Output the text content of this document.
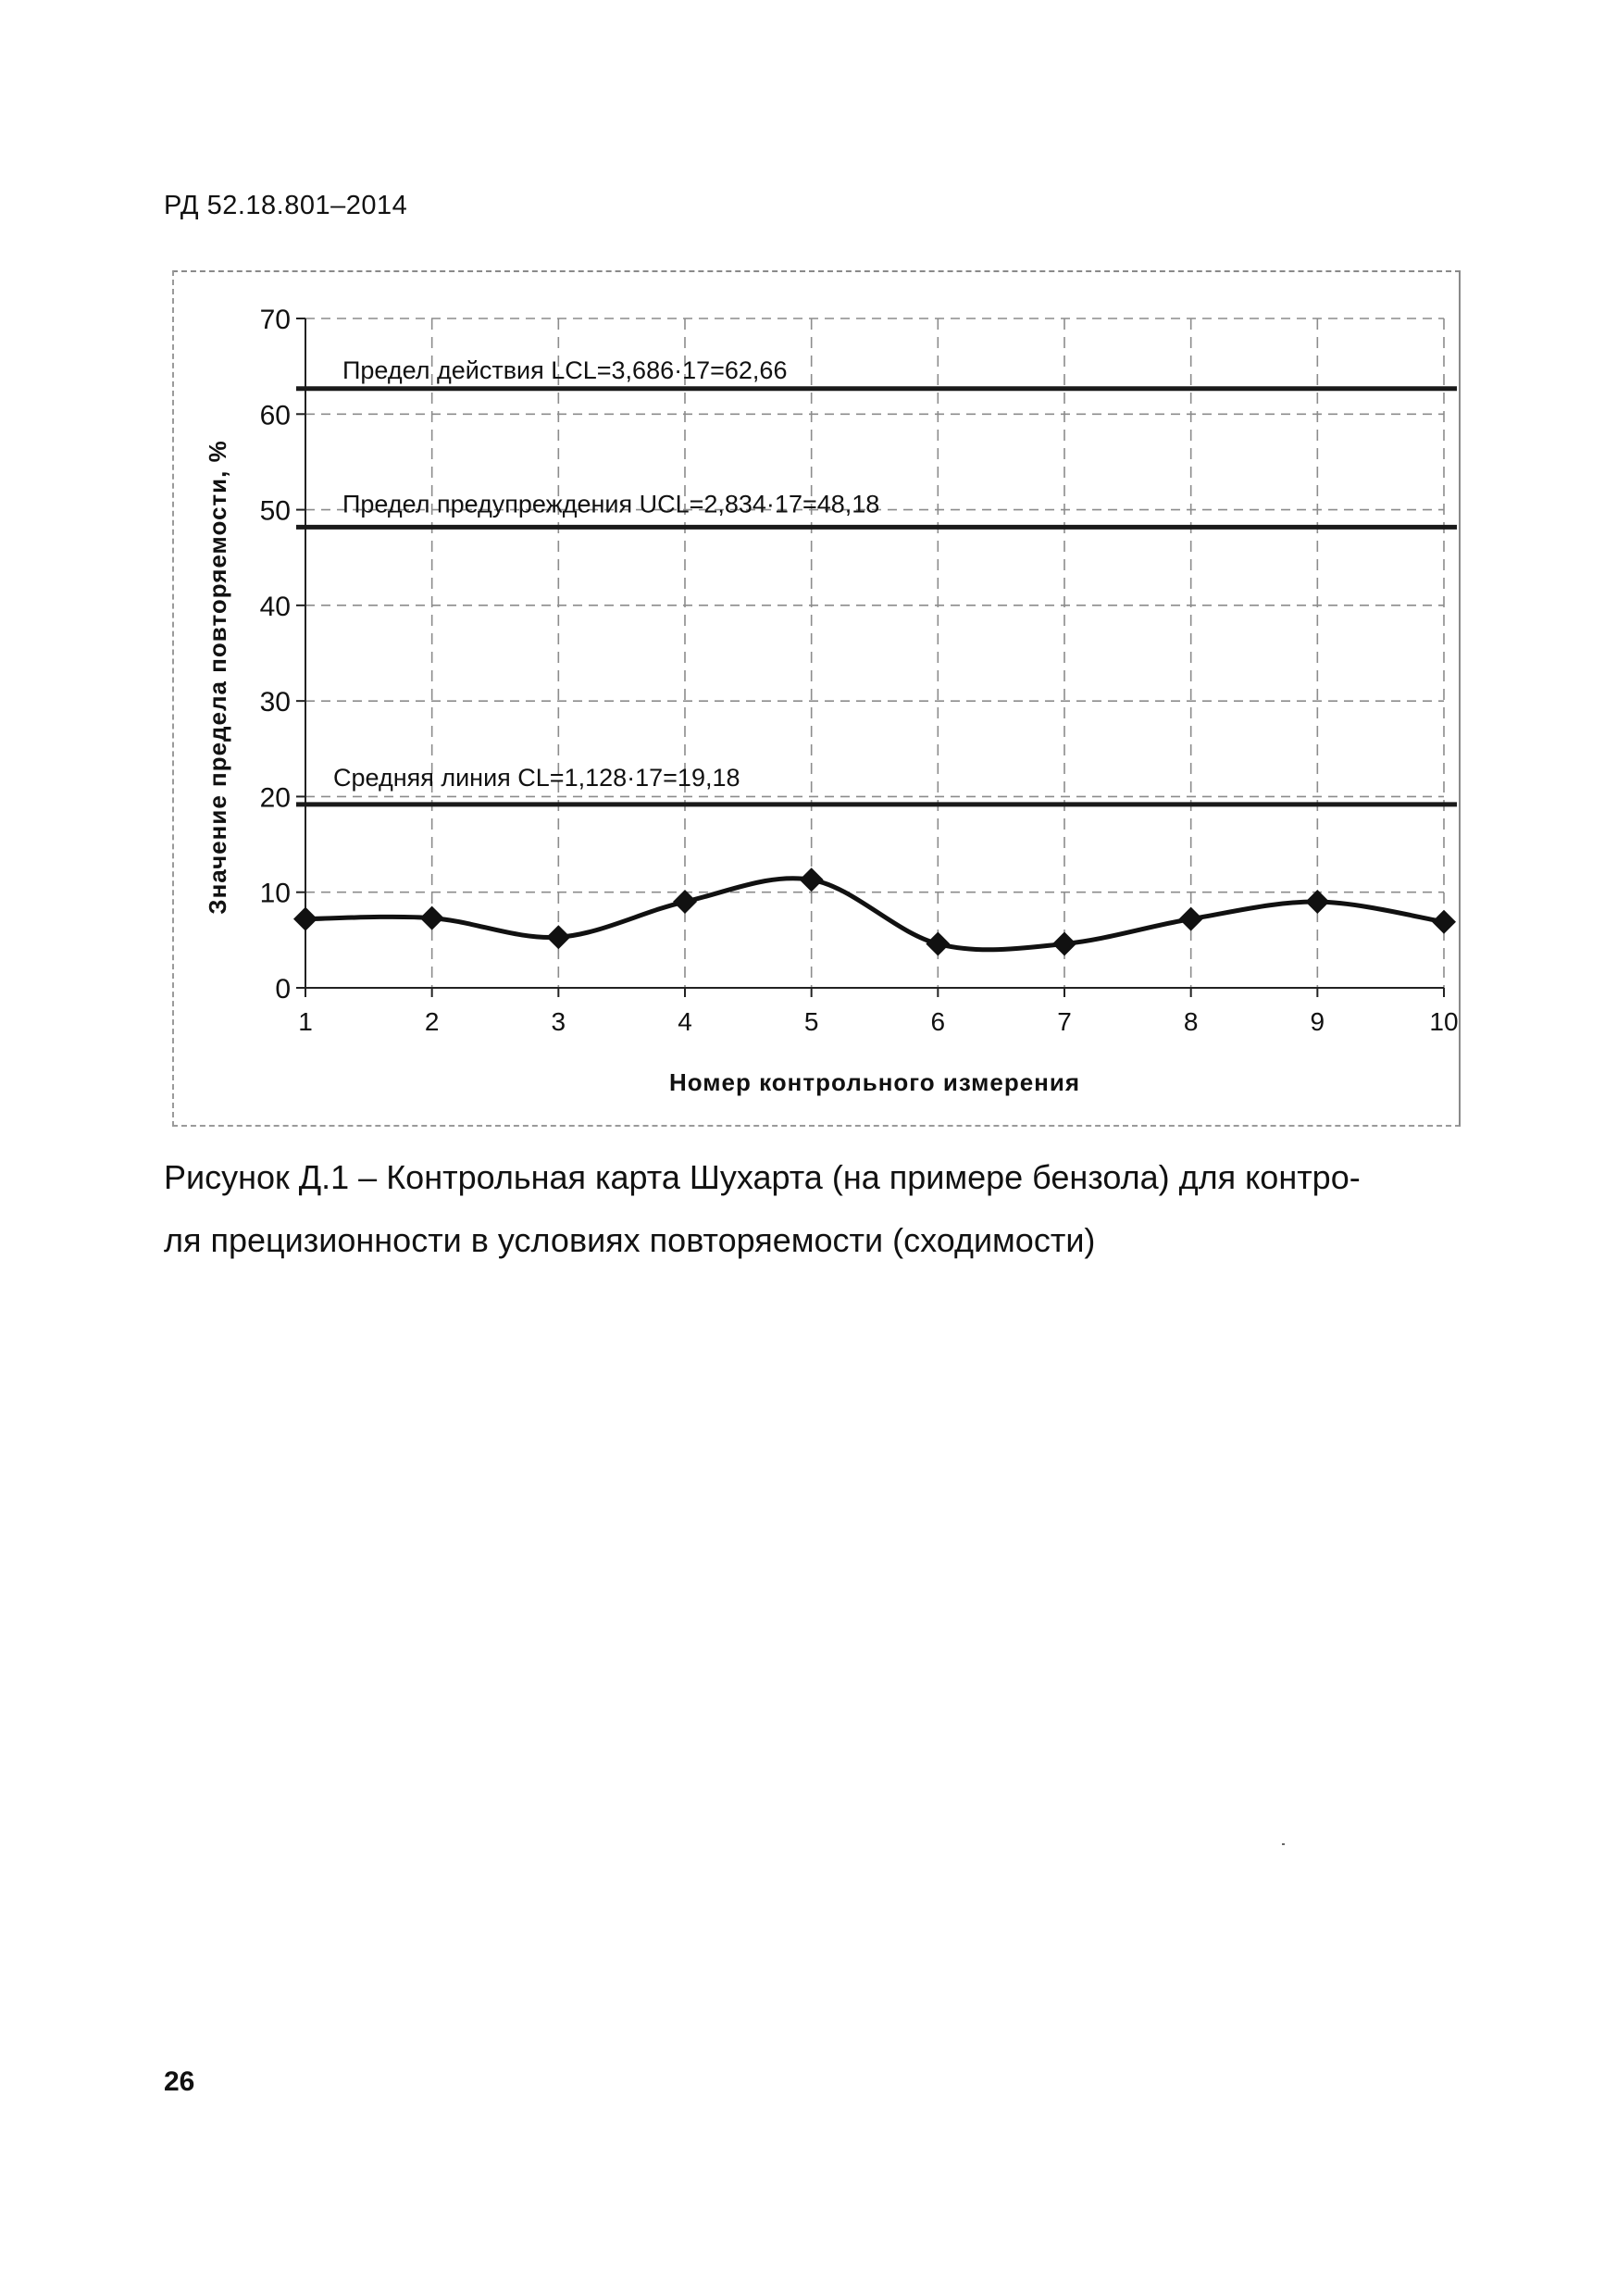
РД 52.18.801–2014
0
10
20
30
40
50
60
70
1	2	3	4	5	6	7	8	9	10
Предел действия LCL=3,686·17=62,66
Предел предупреждения UCL=2,834·17=48,18
Средняя линия CL=1,128·17=19,18
Номер контрольного измерения
Значение предела повторяемости, %
Рисунок Д.1 – Контрольная карта Шухарта (на примере бензола) для контро-
ля прецизионности в условиях повторяемости (сходимости)
26
